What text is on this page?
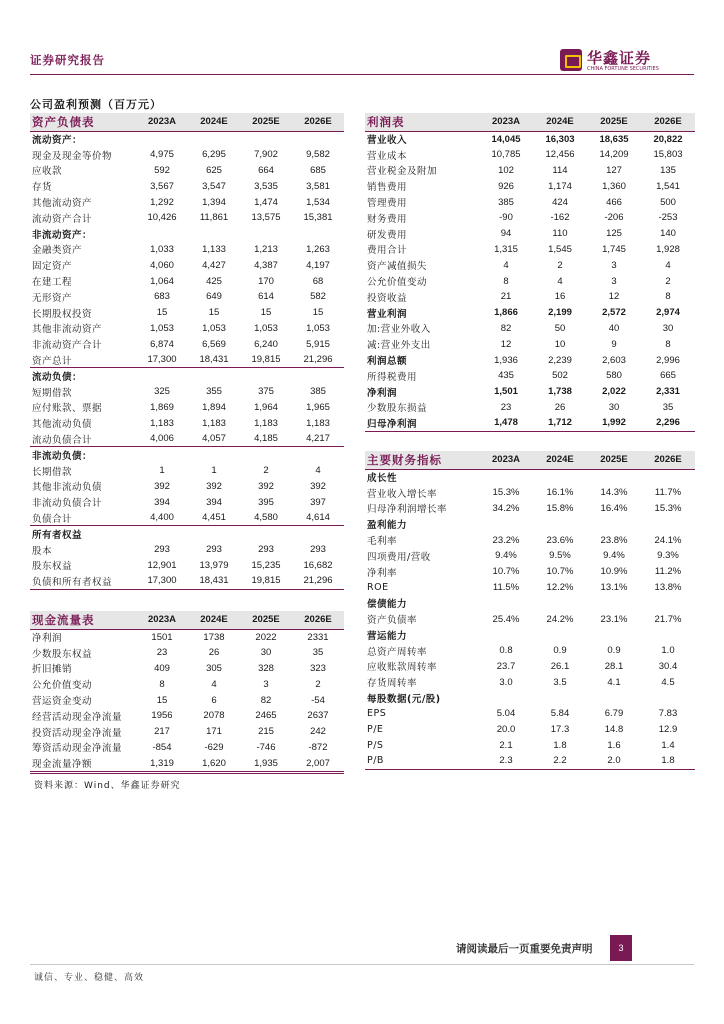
证券研究报告	华鑫证券
CHINA FORTUNE SECURITIES
公司盈利预测（百万元）
资产负债表	2023A	2024E	2025E	2026E
流动资产：				
现金及现金等价物	4,975	6,295	7,902	9,582
应收款	592	625	664	685
存货	3,567	3,547	3,535	3,581
其他流动资产	1,292	1,394	1,474	1,534
流动资产合计	10,426	11,861	13,575	15,381
非流动资产：				
金融类资产	1,033	1,133	1,213	1,263
固定资产	4,060	4,427	4,387	4,197
在建工程	1,064	425	170	68
无形资产	683	649	614	582
长期股权投资	15	15	15	15
其他非流动资产	1,053	1,053	1,053	1,053
非流动资产合计	6,874	6,569	6,240	5,915
资产总计	17,300	18,431	19,815	21,296
流动负债：				
短期借款	325	355	375	385
应付账款、票据	1,869	1,894	1,964	1,965
其他流动负债	1,183	1,183	1,183	1,183
流动负债合计	4,006	4,057	4,185	4,217
非流动负债：				
长期借款	1	1	2	4
其他非流动负债	392	392	392	392
非流动负债合计	394	394	395	397
负债合计	4,400	4,451	4,580	4,614
所有者权益				
股本	293	293	293	293
股东权益	12,901	13,979	15,235	16,682
负债和所有者权益	17,300	18,431	19,815	21,296
利润表	2023A	2024E	2025E	2026E
营业收入	14,045	16,303	18,635	20,822
营业成本	10,785	12,456	14,209	15,803
营业税金及附加	102	114	127	135
销售费用	926	1,174	1,360	1,541
管理费用	385	424	466	500
财务费用	-90	-162	-206	-253
研发费用	94	110	125	140
费用合计	1,315	1,545	1,745	1,928
资产减值损失	4	2	3	4
公允价值变动	8	4	3	2
投资收益	21	16	12	8
营业利润	1,866	2,199	2,572	2,974
加:营业外收入	82	50	40	30
减:营业外支出	12	10	9	8
利润总额	1,936	2,239	2,603	2,996
所得税费用	435	502	580	665
净利润	1,501	1,738	2,022	2,331
少数股东损益	23	26	30	35
归母净利润	1,478	1,712	1,992	2,296
主要财务指标	2023A	2024E	2025E	2026E
成长性				
营业收入增长率	15.3%	16.1%	14.3%	11.7%
归母净利润增长率	34.2%	15.8%	16.4%	15.3%
盈利能力				
毛利率	23.2%	23.6%	23.8%	24.1%
四项费用/营收	9.4%	9.5%	9.4%	9.3%
净利率	10.7%	10.7%	10.9%	11.2%
ROE	11.5%	12.2%	13.1%	13.8%
偿债能力				
资产负债率	25.4%	24.2%	23.1%	21.7%
营运能力				
总资产周转率	0.8	0.9	0.9	1.0
应收账款周转率	23.7	26.1	28.1	30.4
存货周转率	3.0	3.5	4.1	4.5
每股数据(元/股)				
EPS	5.04	5.84	6.79	7.83
P/E	20.0	17.3	14.8	12.9
P/S	2.1	1.8	1.6	1.4
P/B	2.3	2.2	2.0	1.8
现金流量表	2023A	2024E	2025E	2026E
净利润	1501	1738	2022	2331
少数股东权益	23	26	30	35
折旧摊销	409	305	328	323
公允价值变动	8	4	3	2
营运资金变动	15	6	82	-54
经营活动现金净流量	1956	2078	2465	2637
投资活动现金净流量	217	171	215	242
筹资活动现金净流量	-854	-629	-746	-872
现金流量净额	1,319	1,620	1,935	2,007
资料来源：Wind、华鑫证券研究
请阅读最后一页重要免责声明	3
诚信、专业、稳健、高效
